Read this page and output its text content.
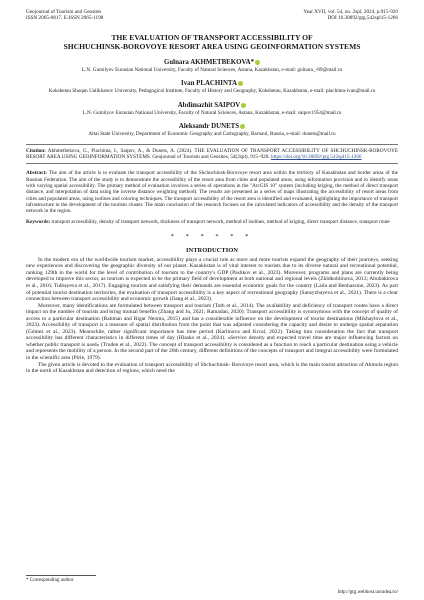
Geojournal of Tourism and Geosites
ISSN 2065-0817, E-ISSN 2065-1198
Year XVII, vol. 54, no. 2spl, 2024, p.915-920
DOI 10.30892/gtg.542spl15-1266
THE EVALUATION OF TRANSPORT ACCESSIBILITY OF
SHCHUCHINSK-BOROVOYE RESORT AREA USING GEOINFORMATION SYSTEMS
Gulnara AKHMETBEKOVA*
L.N. Gumilyov Eurasian National University, Faculty of Natural Sciences, Astana, Kazakhstan, e-mail: gulnara_-89@mail.ru
Ivan PLACHINTA
Kokshetau Shoqan Ualikhanov University, Pedagogical Institute, Faculty of History and Geography, Kokshetau, Kazakhstan, e-mail: plachinta-ivan@mail.ru
Abdimazhit SAIPOV
L.N. Gumilyov Eurasian National University, Faculty of Natural Sciences, Astana, Kazakhstan, e-mail: saipov1954@mail.ru
Aleksandr DUNETS
Altai State University, Department of Economic Geography and Cartography, Barnaul, Russia, e-mail: dunets@mail.ru
Citation: Akhmetbekova, G., Plachinta, I., Saipov, A., & Dunets, A. (2024). THE EVALUATION OF TRANSPORT ACCESSIBILITY OF SHCHUCHINSK-BOROVOYE RESORT AREA USING GEOINFORMATION SYSTEMS. Geojournal of Tourism and Geosites, 54(2spl), 915–920. https://doi.org/10.30892/gtg.542spl15-1266
Abstract: The aim of the article is to evaluate the transport accessibility of the Shchuchinsk-Borovoye resort area within the territory of Kazakhstan and border areas of the Russian Federation. The aim of the study is to demonstrate the accessibility of the resort area from cities and populated areas, using information provision and to identify areas with varying spatial accessibility. The primary method of evaluation involves a series of operations in the "ArcGIS 10" system (including kriging, the method of direct transport distance, and interpolation of data using the inverse distance weighting method). The results are presented as a series of maps illustrating the accessibility of resort areas from cities and populated areas, using isolines and coloring techniques. The transport accessibility of the resort area is identified and evaluated, highlighting the importance of transport infrastructure in the development of the tourism cluster. The main conclusion of the research focuses on the calculated indicators of accessibility and the density of the transport network in the region.
Keywords: transport accessibility, density of transport network, thickness of transport network, method of isolines, method of kriging, direct transport distance, transport route
* * * * * *
INTRODUCTION

In the modern era of the worldwide tourism market, accessibility plays a crucial role as more and more tourists expand the geography of their journeys, seeking new experiences and discovering the geographic diversity of our planet. Kazakhstan is of vital interest to tourists due to its diverse natural and recreational potential, ranking 129th in the world for the level of contribution of tourism to the country's GDP (Pashkov et al., 2023). Moreover, programs and plans are currently being developed to improve this sector, as tourism is expected to be the primary field of development at both national and regional levels (Zhidkoblinova, 2013; Abubakirova et al., 2016; Tulbayeva et al., 2017). Engaging tourists and satisfying their demands are essential economic goals for the country (Laila and Benhassine, 2023). As part of potential tourist destination territories, the evaluation of transport accessibility is a key aspect of recreational geography (Sansyzbayeva et al., 2021). There is a clear connection between transport accessibility and economic growth (Jiang et al., 2023).

Moreover, many identifications are formulated between transport and tourism (Toth et al., 2014). The availability and deficiency of transport routes have a direct impact on the number of tourists and bring mutual benefits (Zhang and Ju, 2021; Ramadan, 2020). Transport accessibility is synonymous with the concept of quality of access to a particular destination (Rahman and Rigar Neoma, 2015) and has a considerable influence on the development of tourist destinations (Mikhaylova et al., 2023). Accessibility of transport is a measure of spatial distribution from the point that was adjusted considering the capacity and desire to undergo spatial separation (Gómez et al., 2023). Meanwhile, rather significant importance has time period (Karlinova and Krcal, 2022). Taking into consideration the fact that transport accessibility has different characteristics in different times of day (Hlasko et al., 2024). «Service density and expected travel time are major influencing factors on whether public transport is used» (Truden et al., 2022). The concept of transport accessibility is considered as a function to reach a particular destination using a vehicle and represents the mobility of a person. In the second part of the 20th century, different definitions of the concepts of transport and integral accessibility were formulated in the scientific area (Pirie, 1979).

The given article is devoted to the evaluation of transport accessibility of Shchuchinsk- Borovoye resort area, which is the main tourist attraction of Akmola region in the north of Kazakhstan and detection of regions, which need the

* Corresponding author
http://gtg.webhost.uoradea.ro/
